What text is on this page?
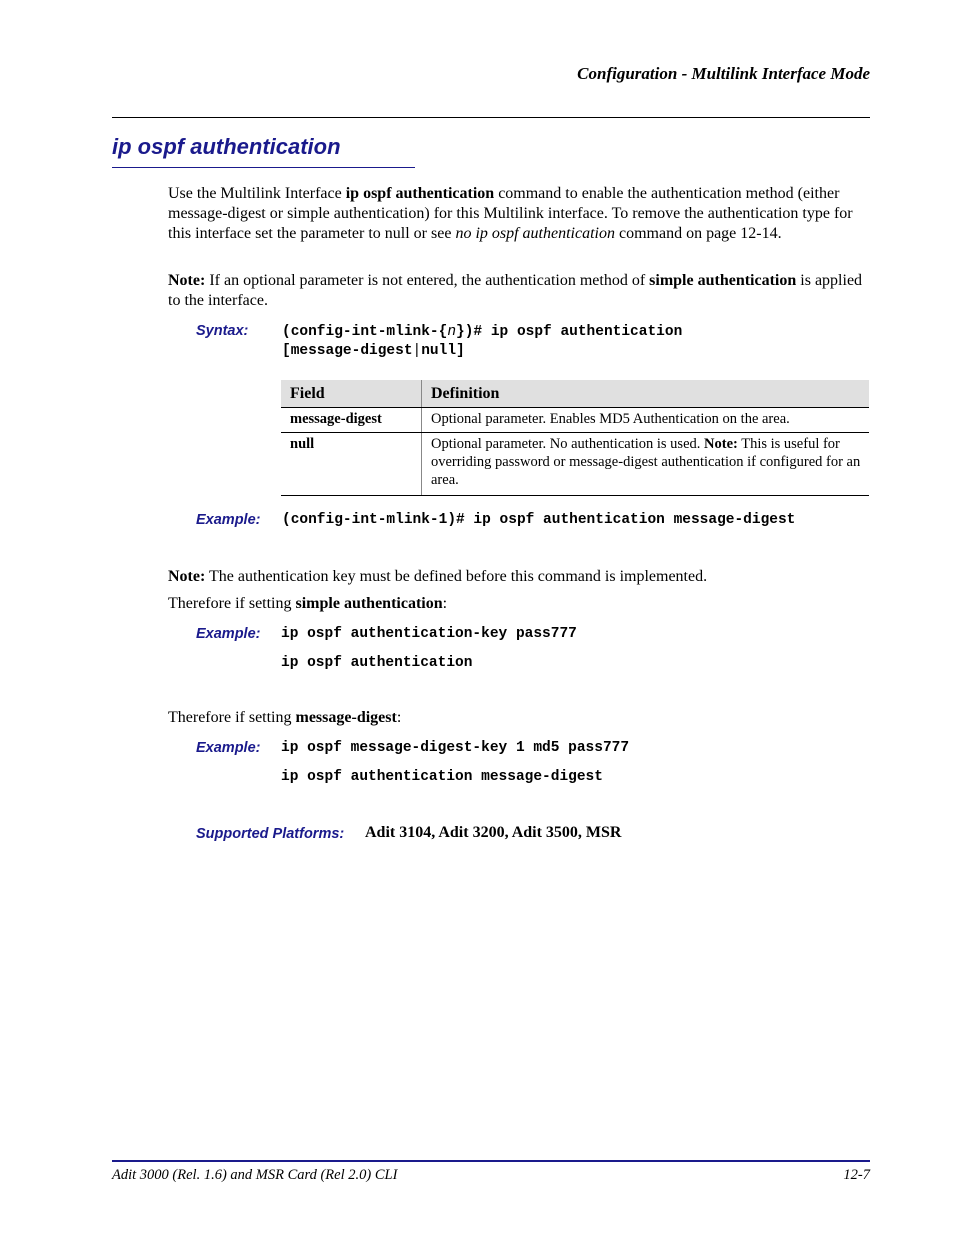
Configuration - Multilink Interface Mode
ip ospf authentication
Use the Multilink Interface ip ospf authentication command to enable the authentication method (either message-digest or simple authentication) for this Multilink interface. To remove the authentication type for this interface set the parameter to null or see no ip ospf authentication command on page 12-14.
Note: If an optional parameter is not entered, the authentication method of simple authentication is applied to the interface.
Syntax: (config-int-mlink-{n})# ip ospf authentication
[message-digest|null]
Field	Definition
message-digest	Optional parameter. Enables MD5 Authentication on the area.
null	Optional parameter. No authentication is used. Note: This is useful for overriding password or message-digest authentication if configured for an area.
Example: (config-int-mlink-1)# ip ospf authentication message-digest
Note: The authentication key must be defined before this command is implemented.
Therefore if setting simple authentication:
Example: ip ospf authentication-key pass777
ip ospf authentication
Therefore if setting message-digest:
Example: ip ospf message-digest-key 1 md5 pass777
ip ospf authentication message-digest
Supported Platforms: Adit 3104, Adit 3200, Adit 3500, MSR
Adit 3000 (Rel. 1.6) and MSR Card (Rel 2.0) CLI	12-7
